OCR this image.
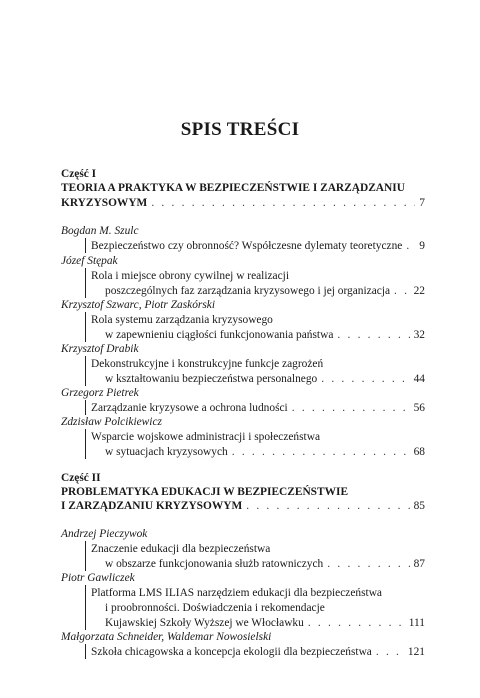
SPIS TREŚCI
Część I
TEORIA A PRAKTYKA W BEZPIECZEŃSTWIE I ZARZĄDZANIU
KRYZYSOWYM . . .	7
Bogdan M. Szulc
Bezpieczeństwo czy obronność? Współczesne dylematy teoretyczne . . . 9
Józef Stępak
Rola i miejsce obrony cywilnej w realizacji
poszczególnych faz zarządzania kryzysowego i jej organizacja . . . 22
Krzysztof Szwarc, Piotr Zaskórski
Rola systemu zarządzania kryzysowego
w zapewnieniu ciągłości funkcjonowania państwa . . .	32
Krzysztof Drabik
Dekonstrukcyjne i konstrukcyjne funkcje zagrożeń
w kształtowaniu bezpieczeństwa personalnego . . .	44
Grzegorz Pietrek
Zarządzanie kryzysowe a ochrona ludności . . .	56
Zdzisław Polcikiewicz
Wsparcie wojskowe administracji i społeczeństwa
w sytuacjach kryzysowych . . .	68
Część II
PROBLEMATYKA EDUKACJI W BEZPIECZEŃSTWIE
I ZARZĄDZANIU KRYZYSOWYM . . .	85
Andrzej Pieczywok
Znaczenie edukacji dla bezpieczeństwa
w obszarze funkcjonowania służb ratowniczych . . .	87
Piotr Gawliczek
Platforma LMS ILIAS narzędziem edukacji dla bezpieczeństwa
i proobronności. Doświadczenia i rekomendacje
Kujawskiej Szkoły Wyższej we Włocławku . . .	111
Małgorzata Schneider, Waldemar Nowosielski
Szkoła chicagowska a koncepcja ekologii dla bezpieczeństwa . . .	121
